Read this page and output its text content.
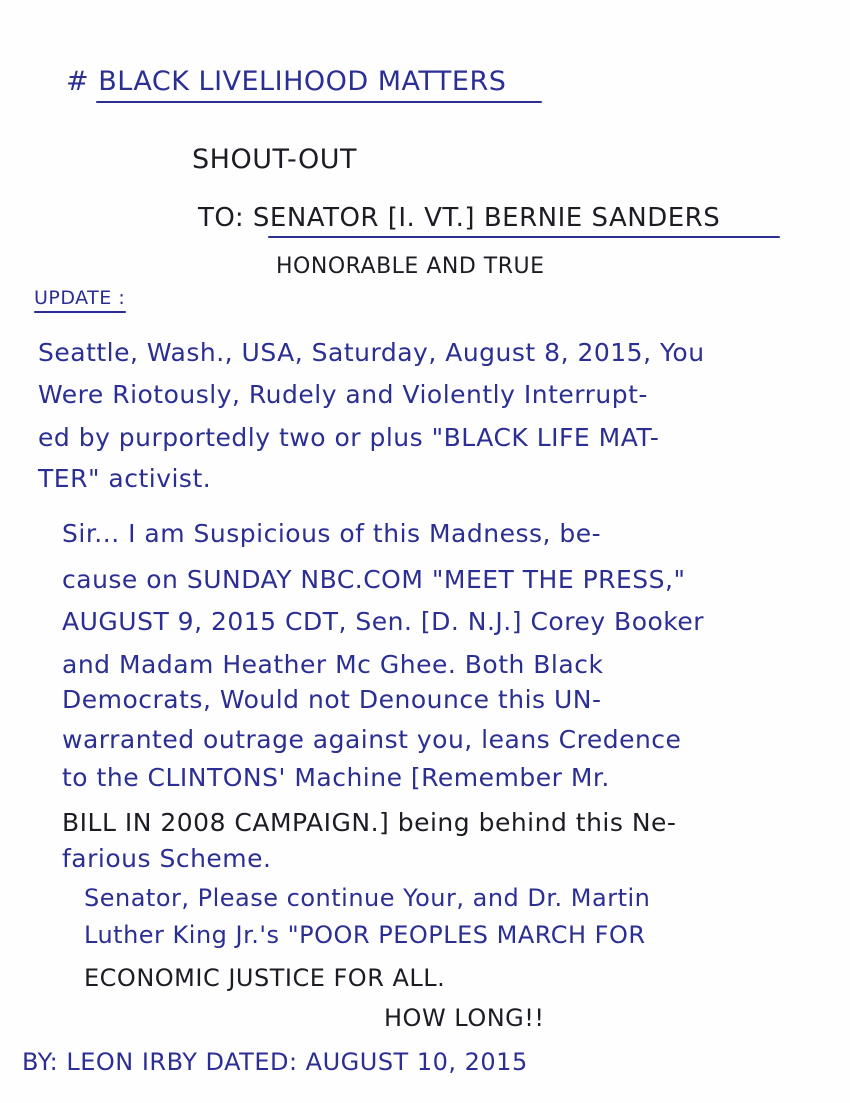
# BLACK LIVELIHOOD MATTERS
SHOUT-OUT
TO: SENATOR [I. VT.] BERNIE SANDERS
HONORABLE AND TRUE
UPDATE :
Seattle, Wash., USA, Saturday, August 8, 2015, You
Were Riotously, Rudely and Violently Interrupt-
ed by purportedly two or plus "BLACK LIFE MAT-
TER" activist.
Sir... I am Suspicious of this Madness, be-
cause on SUNDAY NBC.COM "MEET THE PRESS,"
AUGUST 9, 2015 CDT, Sen. [D. N.J.] Corey Booker
and Madam Heather Mc Ghee. Both Black
Democrats, Would not Denounce this UN-
warranted outrage against you, leans Credence
to the CLINTONS' Machine [Remember Mr.
BILL IN 2008 CAMPAIGN.] being behind this Ne-
farious Scheme.
Senator, Please continue Your, and Dr. Martin
Luther King Jr.'s "POOR PEOPLES MARCH FOR
ECONOMIC JUSTICE FOR ALL.
HOW LONG!!
BY: LEON IRBY DATED: AUGUST 10, 2015
